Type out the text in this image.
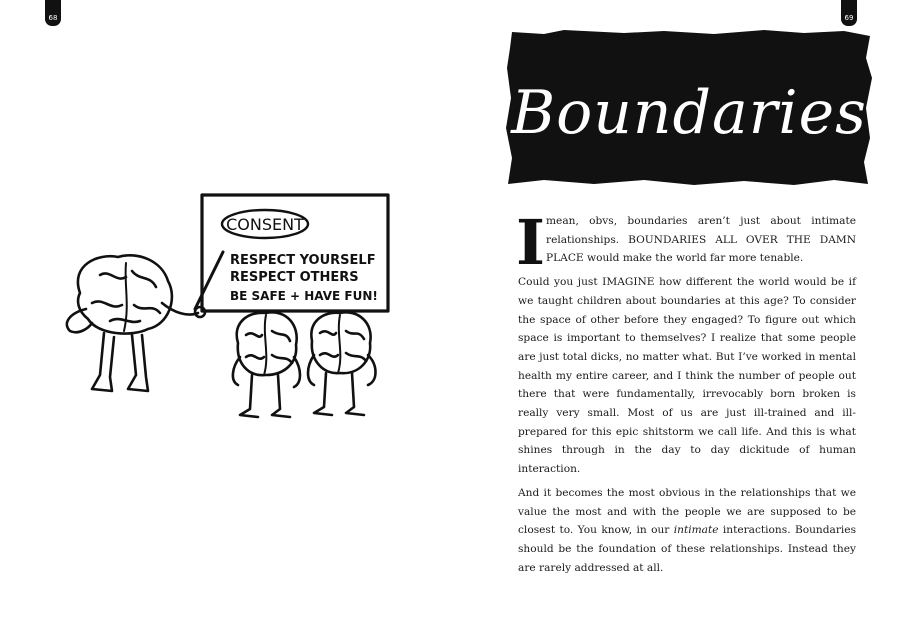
68
CONSENT
RESPECT YOURSELF
RESPECT OTHERS
BE SAFE + HAVE FUN!
69
Boundaries

I mean, obvs, boundaries aren’t just about intimate relationships. BOUNDARIES ALL OVER THE DAMN PLACE would make the world far more tenable.

Could you just IMAGINE how different the world would be if we taught children about boundaries at this age? To consider the space of other before they engaged? To figure out which space is important to themselves? I realize that some people are just total dicks, no matter what. But I’ve worked in mental health my entire career, and I think the number of people out there that were fundamentally, irrevocably born broken is really very small. Most of us are just ill-trained and ill-prepared for this epic shitstorm we call life. And this is what shines through in the day to day dickitude of human interaction.

And it becomes the most obvious in the relationships that we value the most and with the people we are supposed to be closest to. You know, in our intimate interactions. Boundaries should be the foundation of these relationships. Instead they are rarely addressed at all.
